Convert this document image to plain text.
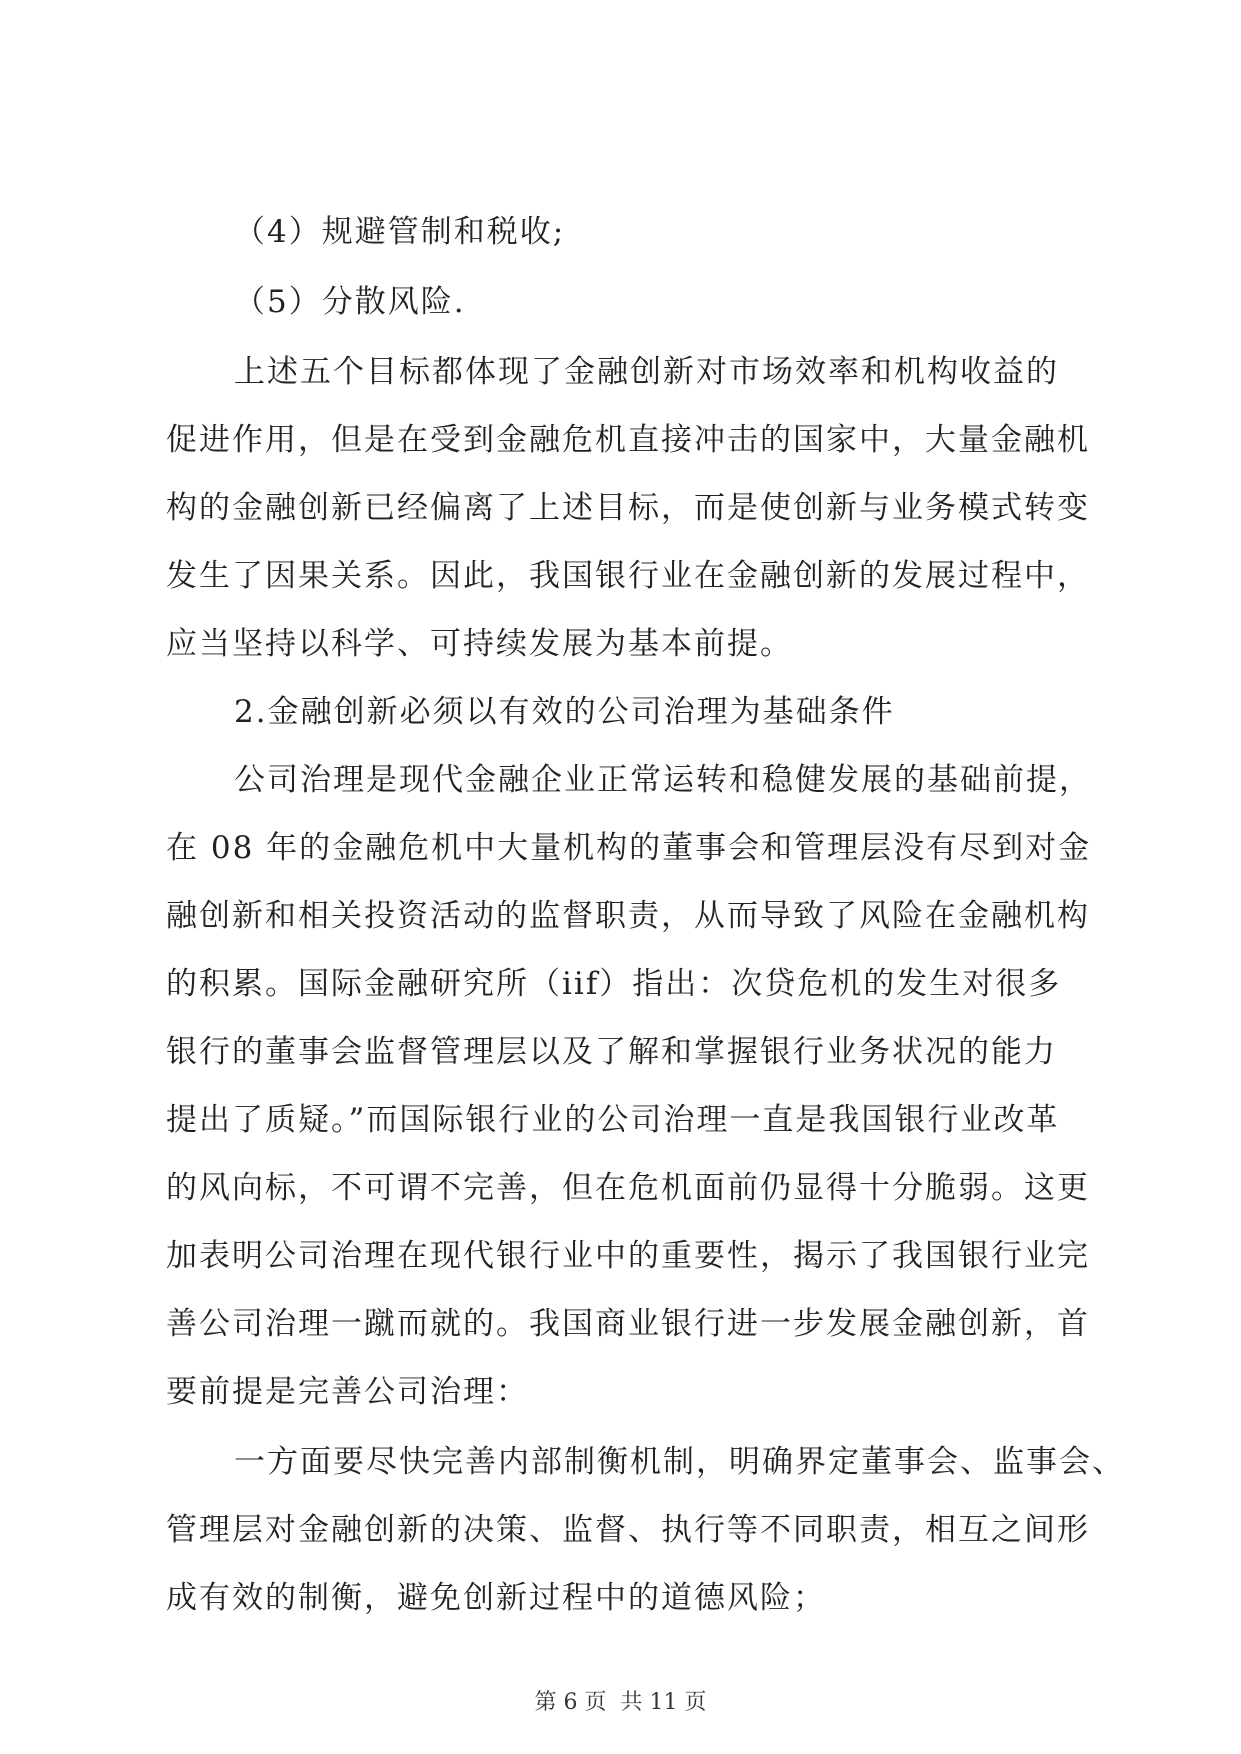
（4）规避管制和税收;
（5）分散风险.
上述五个目标都体现了金融创新对市场效率和机构收益的
促进作用，但是在受到金融危机直接冲击的国家中，大量金融机
构的金融创新已经偏离了上述目标，而是使创新与业务模式转变
发生了因果关系。因此，我国银行业在金融创新的发展过程中，
应当坚持以科学、可持续发展为基本前提。
2.金融创新必须以有效的公司治理为基础条件
公司治理是现代金融企业正常运转和稳健发展的基础前提，
在 08 年的金融危机中大量机构的董事会和管理层没有尽到对金
融创新和相关投资活动的监督职责，从而导致了风险在金融机构
的积累。国际金融研究所（iif）指出：次贷危机的发生对很多
银行的董事会监督管理层以及了解和掌握银行业务状况的能力
提出了质疑。”而国际银行业的公司治理一直是我国银行业改革
的风向标，不可谓不完善，但在危机面前仍显得十分脆弱。这更
加表明公司治理在现代银行业中的重要性，揭示了我国银行业完
善公司治理一蹴而就的。我国商业银行进一步发展金融创新，首
要前提是完善公司治理：
一方面要尽快完善内部制衡机制，明确界定董事会、监事会、
管理层对金融创新的决策、监督、执行等不同职责，相互之间形
成有效的制衡，避免创新过程中的道德风险；
第 6 页  共 11 页
